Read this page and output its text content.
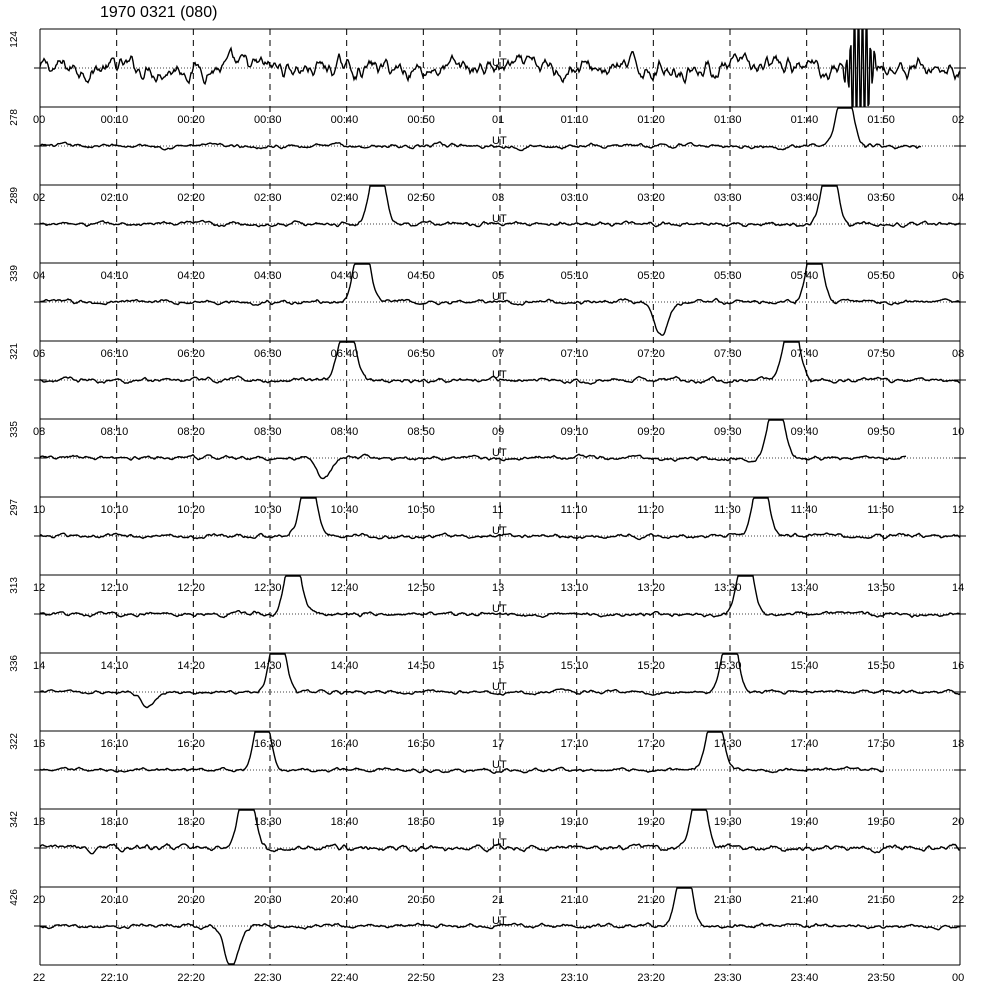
1970 0321 (080)
124
UT
00	01	02
00:10	00:20	00:30	00:40	00:50	01:10	01:20	01:30	01:40	01:50
278
UT
02	03	04
02:10	02:20	02:30	02:40	02:50	03:10	03:20	03:30	03:40	03:50
289
UT
04	05	06
04:10	04:20	04:30	04:40	04:50	05:10	05:20	05:30	05:40	05:50
339
UT
06	07	08
06:10	06:20	06:30	06:40	06:50	07:10	07:20	07:30	07:40	07:50
321
UT
08	09	10
08:10	08:20	08:30	08:40	08:50	09:10	09:20	09:30	09:40	09:50
335
UT
10	11	12
10:10	10:20	10:30	10:40	10:50	11:10	11:20	11:30	11:40	11:50
297
UT
12	13	14
12:10	12:20	12:30	12:40	12:50	13:10	13:20	13:30	13:40	13:50
313
UT
14	15	16
14:10	14:20	14:30	14:40	14:50	15:10	15:20	15:30	15:40	15:50
336
UT
16	17	18
16:10	16:20	16:30	16:40	16:50	17:10	17:20	17:30	17:40	17:50
322
UT
18	19	20
18:10	18:20	18:30	18:40	18:50	19:10	19:20	19:30	19:40	19:50
342
UT
20	21	22
20:10	20:20	20:30	20:40	20:50	21:10	21:20	21:30	21:40	21:50
426
UT
22	23	00
22:10	22:20	22:30	22:40	22:50	23:10	23:20	23:30	23:40	23:50
